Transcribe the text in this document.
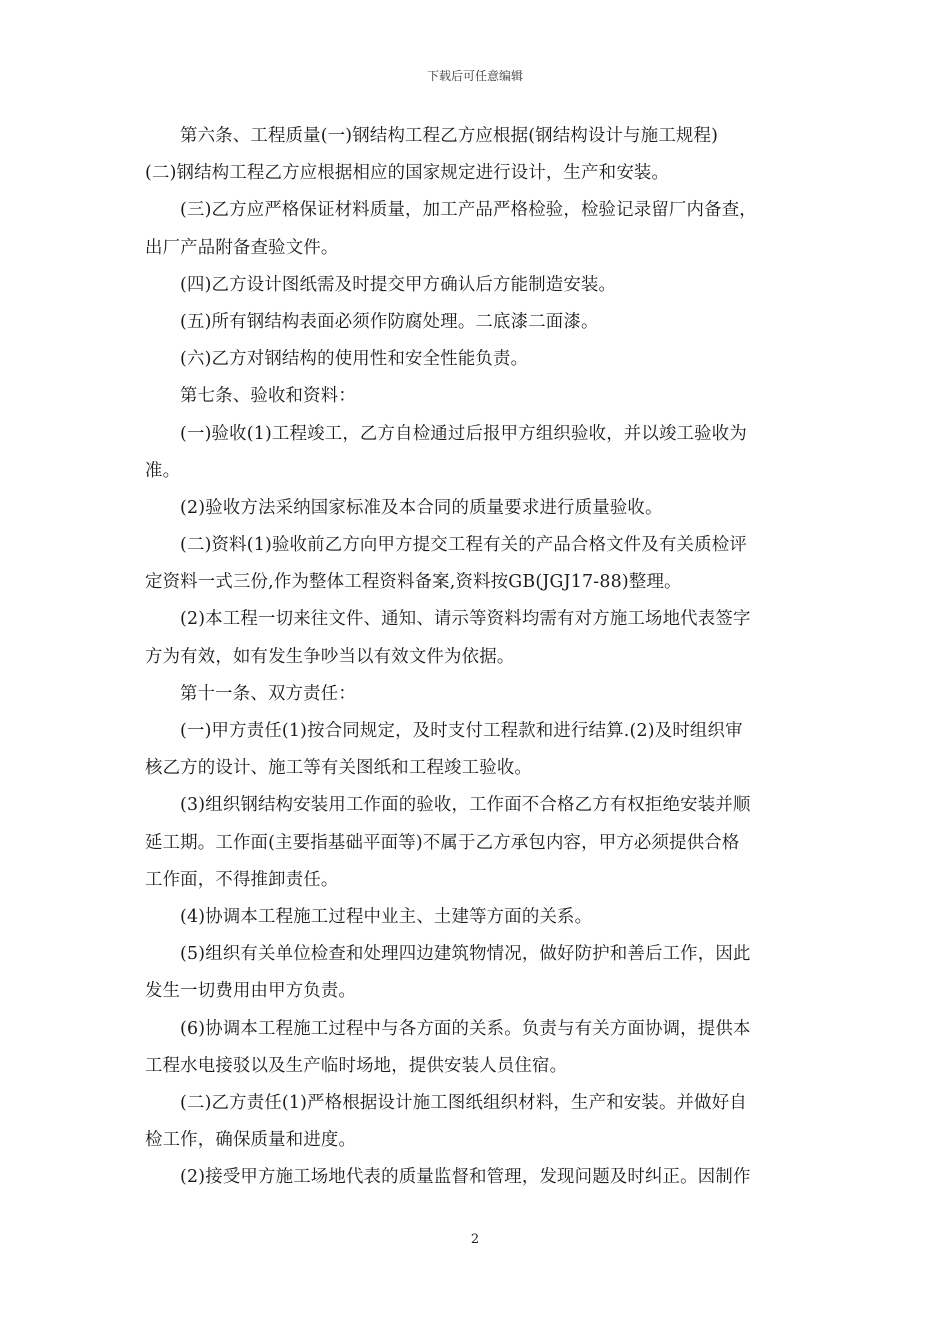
下载后可任意编辑
第六条、工程质量(一)钢结构工程乙方应根据(钢结构设计与施工规程)
(二)钢结构工程乙方应根据相应的国家规定进行设计，生产和安装。
(三)乙方应严格保证材料质量，加工产品严格检验，检验记录留厂内备查，
出厂产品附备查验文件。
(四)乙方设计图纸需及时提交甲方确认后方能制造安装。
(五)所有钢结构表面必须作防腐处理。二底漆二面漆。
(六)乙方对钢结构的使用性和安全性能负责。
第七条、验收和资料：
(一)验收(1)工程竣工，乙方自检通过后报甲方组织验收，并以竣工验收为
准。
(2)验收方法采纳国家标准及本合同的质量要求进行质量验收。
(二)资料(1)验收前乙方向甲方提交工程有关的产品合格文件及有关质检评
定资料一式三份,作为整体工程资料备案,资料按GB(JGJ17-88)整理。
(2)本工程一切来往文件、通知、请示等资料均需有对方施工场地代表签字
方为有效，如有发生争吵当以有效文件为依据。
第十一条、双方责任：
(一)甲方责任(1)按合同规定，及时支付工程款和进行结算.(2)及时组织审
核乙方的设计、施工等有关图纸和工程竣工验收。
(3)组织钢结构安装用工作面的验收，工作面不合格乙方有权拒绝安装并顺
延工期。工作面(主要指基础平面等)不属于乙方承包内容，甲方必须提供合格
工作面，不得推卸责任。
(4)协调本工程施工过程中业主、土建等方面的关系。
(5)组织有关单位检查和处理四边建筑物情况，做好防护和善后工作，因此
发生一切费用由甲方负责。
(6)协调本工程施工过程中与各方面的关系。负责与有关方面协调，提供本
工程水电接驳以及生产临时场地，提供安装人员住宿。
(二)乙方责任(1)严格根据设计施工图纸组织材料，生产和安装。并做好自
检工作，确保质量和进度。
(2)接受甲方施工场地代表的质量监督和管理，发现问题及时纠正。因制作
2
